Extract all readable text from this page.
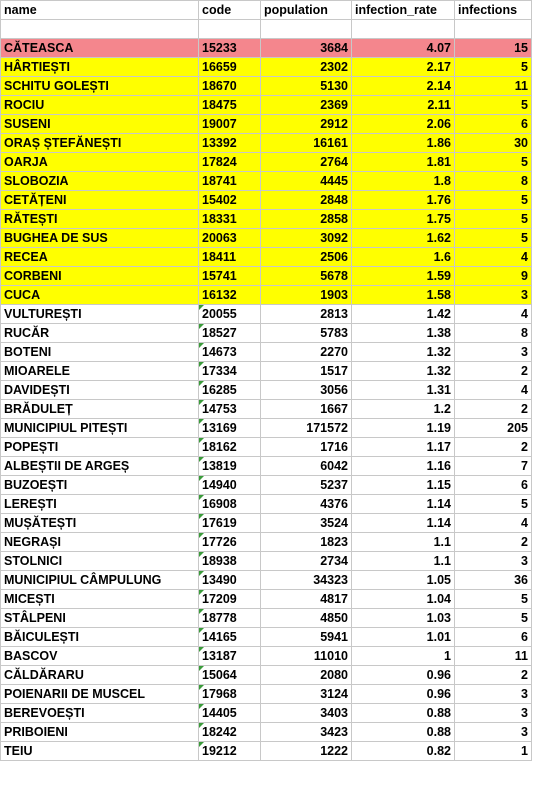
name	code	population	infection_rate	infections

CĂTEASCA	15233	3684	4.07	15
HÂRTIEȘTI	16659	2302	2.17	5
SCHITU GOLEȘTI	18670	5130	2.14	11
ROCIU	18475	2369	2.11	5
SUSENI	19007	2912	2.06	6
ORAȘ ȘTEFĂNEȘTI	13392	16161	1.86	30
OARJA	17824	2764	1.81	5
SLOBOZIA	18741	4445	1.8	8
CETĂȚENI	15402	2848	1.76	5
RĂTEȘTI	18331	2858	1.75	5
BUGHEA DE SUS	20063	3092	1.62	5
RECEA	18411	2506	1.6	4
CORBENI	15741	5678	1.59	9
CUCA	16132	1903	1.58	3
VULTUREȘTI	20055	2813	1.42	4
RUCĂR	18527	5783	1.38	8
BOTENI	14673	2270	1.32	3
MIOARELE	17334	1517	1.32	2
DAVIDEȘTI	16285	3056	1.31	4
BRĂDULEȚ	14753	1667	1.2	2
MUNICIPIUL PITEȘTI	13169	171572	1.19	205
POPEȘTI	18162	1716	1.17	2
ALBEȘTII DE ARGEȘ	13819	6042	1.16	7
BUZOEȘTI	14940	5237	1.15	6
LEREȘTI	16908	4376	1.14	5
MUȘĂTEȘTI	17619	3524	1.14	4
NEGRAȘI	17726	1823	1.1	2
STOLNICI	18938	2734	1.1	3
MUNICIPIUL CÂMPULUNG	13490	34323	1.05	36
MICEȘTI	17209	4817	1.04	5
STÂLPENI	18778	4850	1.03	5
BĂICULEȘTI	14165	5941	1.01	6
BASCOV	13187	11010	1	11
CĂLDĂRARU	15064	2080	0.96	2
POIENARII DE MUSCEL	17968	3124	0.96	3
BEREVOEȘTI	14405	3403	0.88	3
PRIBOIENI	18242	3423	0.88	3
TEIU	19212	1222	0.82	1
